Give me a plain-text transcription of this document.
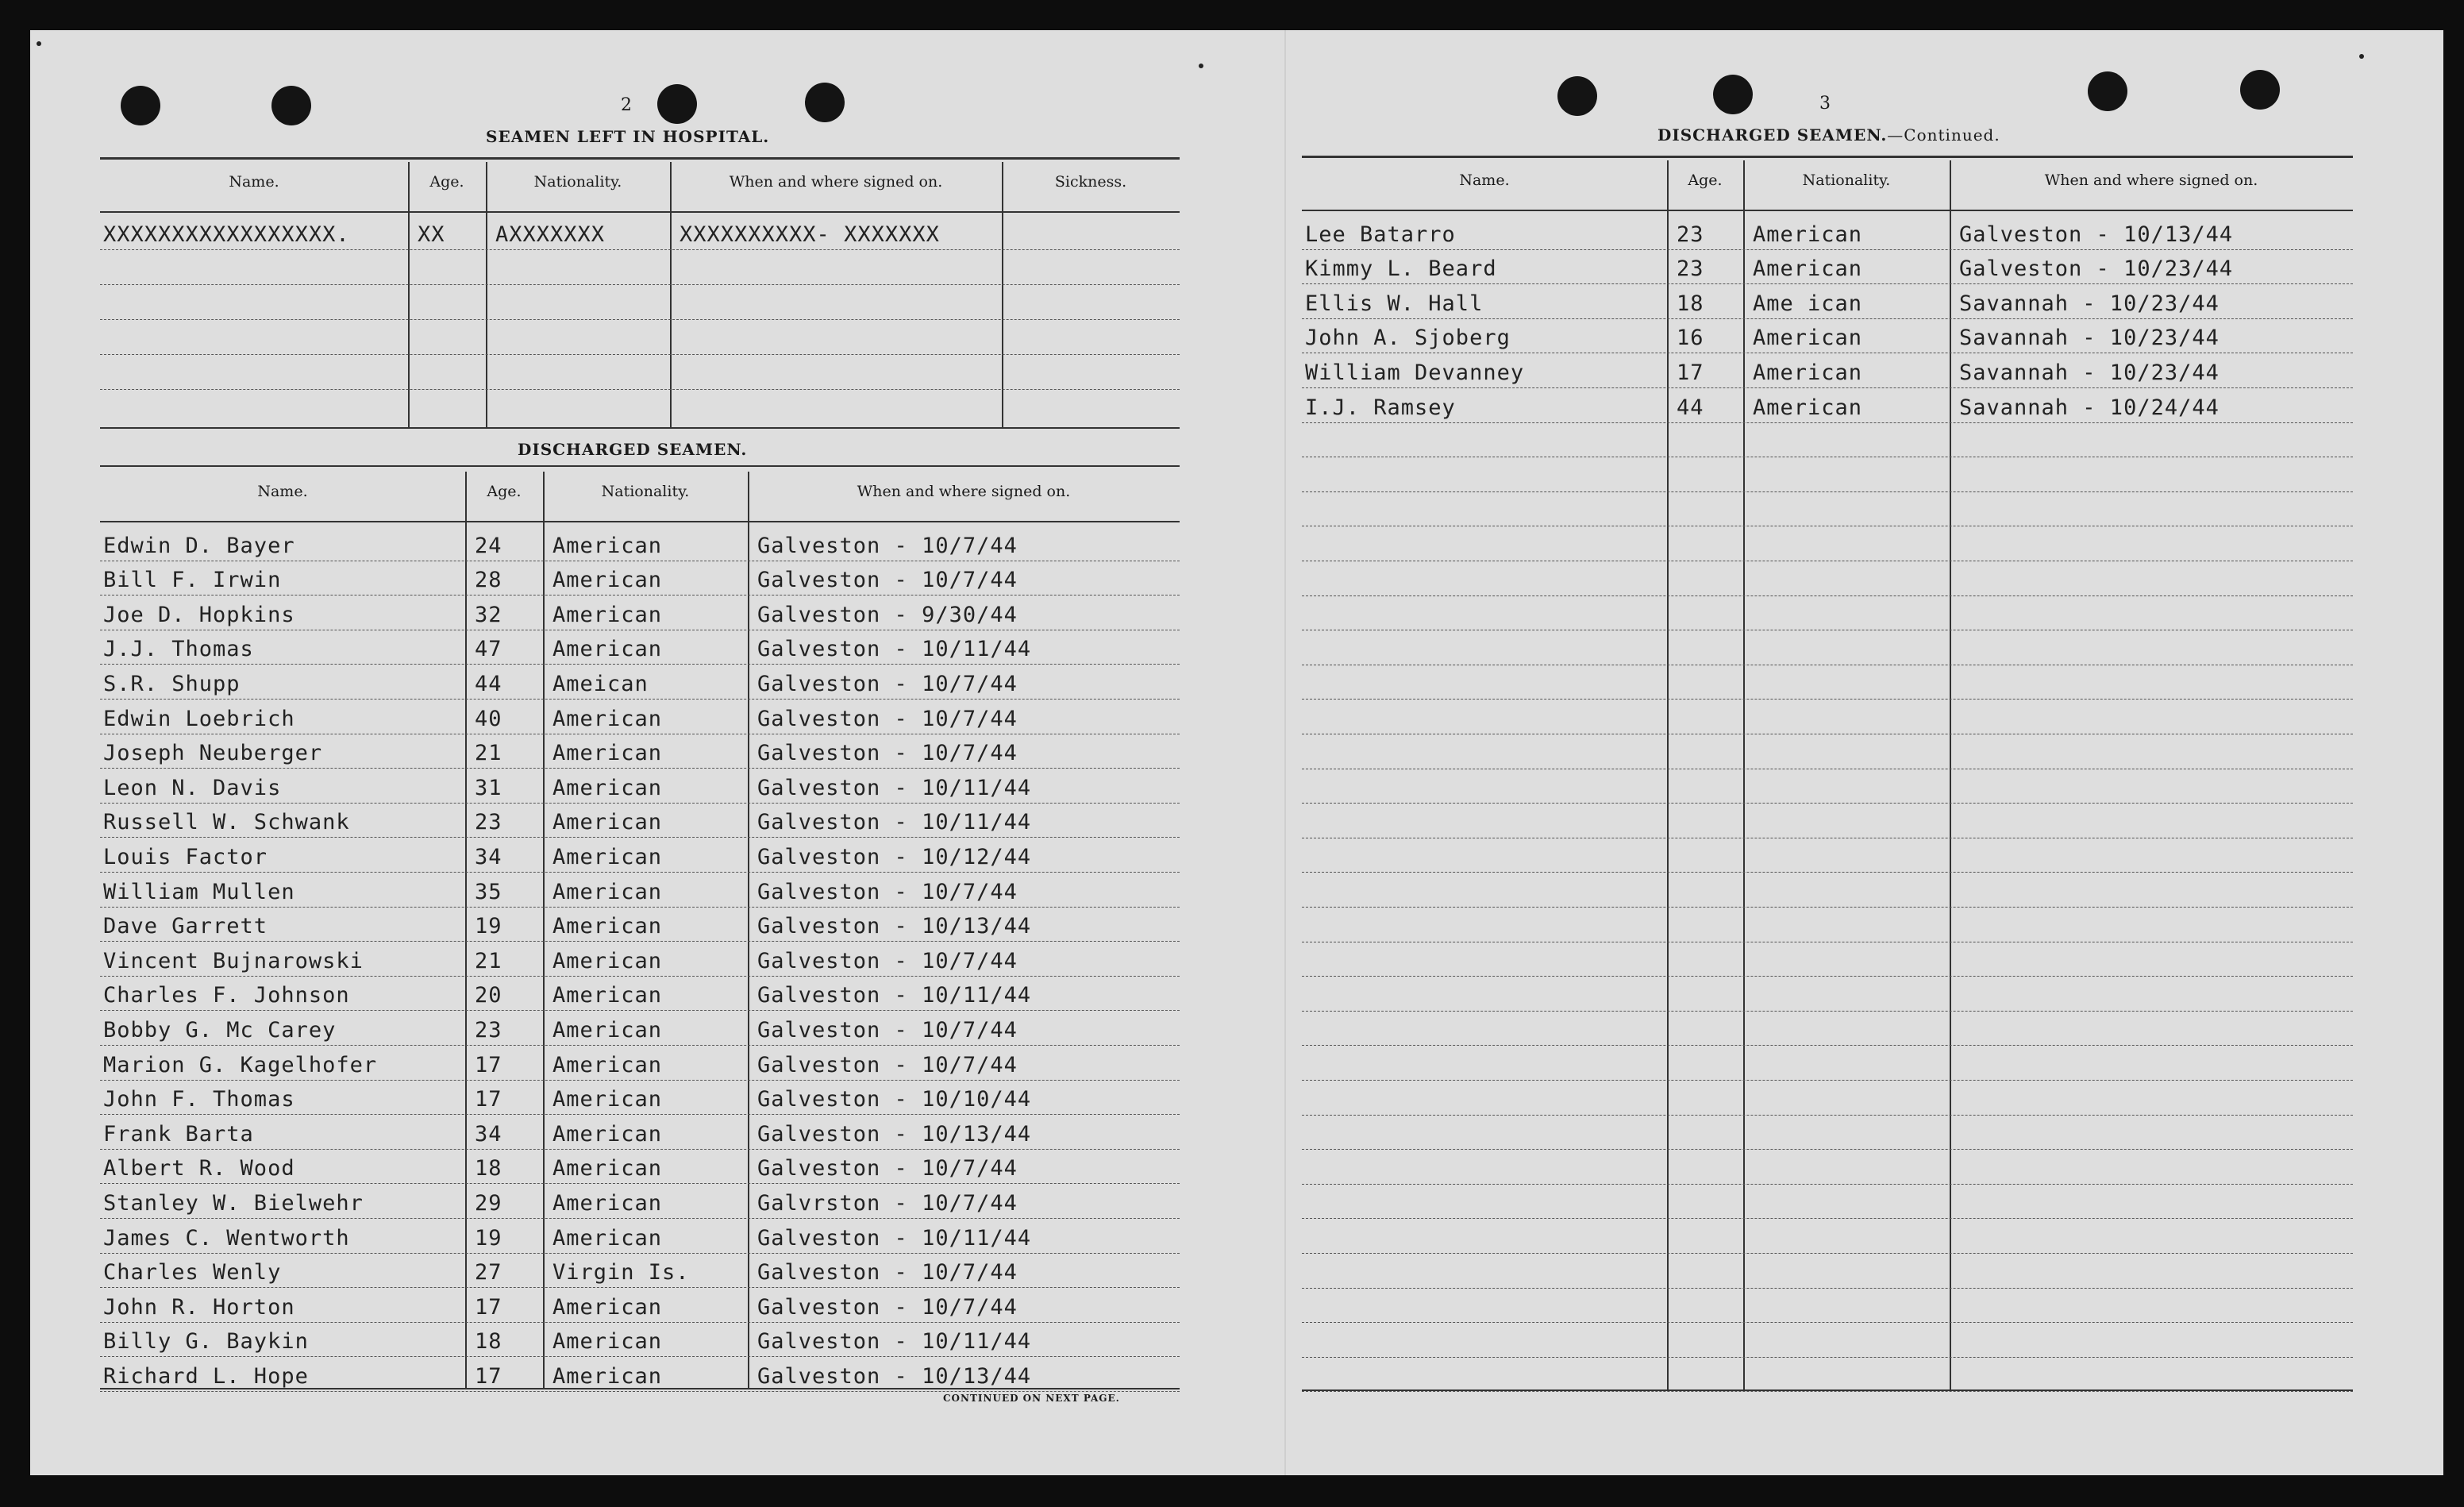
2
SEAMEN LEFT IN HOSPITAL.
DISCHARGED SEAMEN.
CONTINUED ON NEXT PAGE.
3
DISCHARGED SEAMEN.—Continued.
Name.	Age.	Nationality.	When and where signed on.	Sickness.
XXXXXXXXXXXXXXXXX.	XX AXXXXXXX	XXXXXXXXXX- XXXXXXX
Name.	Age.	Nationality.	When and where signed on.
Edwin D. Bayer	24 American	Galveston - 10/7/44
Bill F. Irwin	28 American	Galveston - 10/7/44
Joe D. Hopkins	32 American	Galveston - 9/30/44
J.J. Thomas	47 American	Galveston - 10/11/44
S.R. Shupp	44 Ameican	Galveston - 10/7/44
Edwin Loebrich	40 American	Galveston - 10/7/44
Joseph Neuberger	21 American	Galveston - 10/7/44
Leon N. Davis	31 American	Galveston - 10/11/44
Russell W. Schwank	23 American	Galveston - 10/11/44
Louis Factor	34 American	Galveston - 10/12/44
William Mullen	35 American	Galveston - 10/7/44
Dave Garrett	19 American	Galveston - 10/13/44
Vincent Bujnarowski	21 American	Galveston - 10/7/44
Charles F. Johnson	20 American	Galveston - 10/11/44
Bobby G. Mc Carey	23 American	Galveston - 10/7/44
Marion G. Kagelhofer	17 American	Galveston - 10/7/44
John F. Thomas	17 American	Galveston - 10/10/44
Frank Barta	34 American	Galveston - 10/13/44
Albert R. Wood	18 American	Galveston - 10/7/44
Stanley W. Bielwehr	29 American	Galvrston - 10/7/44
James C. Wentworth	19 American	Galveston - 10/11/44
Charles Wenly	27 Virgin Is.	Galveston - 10/7/44
John R. Horton	17 American	Galveston - 10/7/44
Billy G. Baykin	18 American	Galveston - 10/11/44
Richard L. Hope	17 American	Galveston - 10/13/44
Name.	Age.	Nationality.	When and where signed on.
Lee Batarro	23 American	Galveston - 10/13/44
Kimmy L. Beard	23 American	Galveston - 10/23/44
Ellis W. Hall	18 Ame ican	Savannah - 10/23/44
John A. Sjoberg	16 American	Savannah - 10/23/44
William Devanney	17 American	Savannah - 10/23/44
I.J. Ramsey	44 American	Savannah - 10/24/44
